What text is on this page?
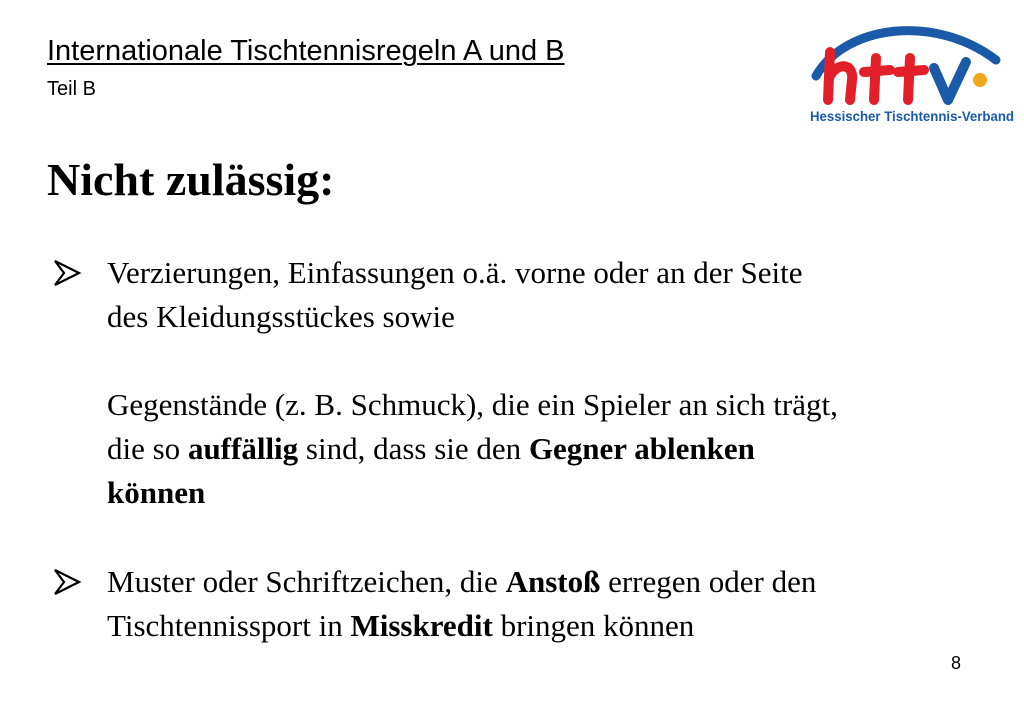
Internationale Tischtennisregeln A und B
Teil B
Hessischer Tischtennis-Verband
Nicht zulässig:
Verzierungen, Einfassungen o.ä. vorne oder an der Seite
des Kleidungsstückes sowie
Gegenstände (z. B. Schmuck), die ein Spieler an sich trägt,
die so auffällig sind, dass sie den Gegner ablenken
können
Muster oder Schriftzeichen, die Anstoß erregen oder den
Tischtennissport in Misskredit bringen können
8
